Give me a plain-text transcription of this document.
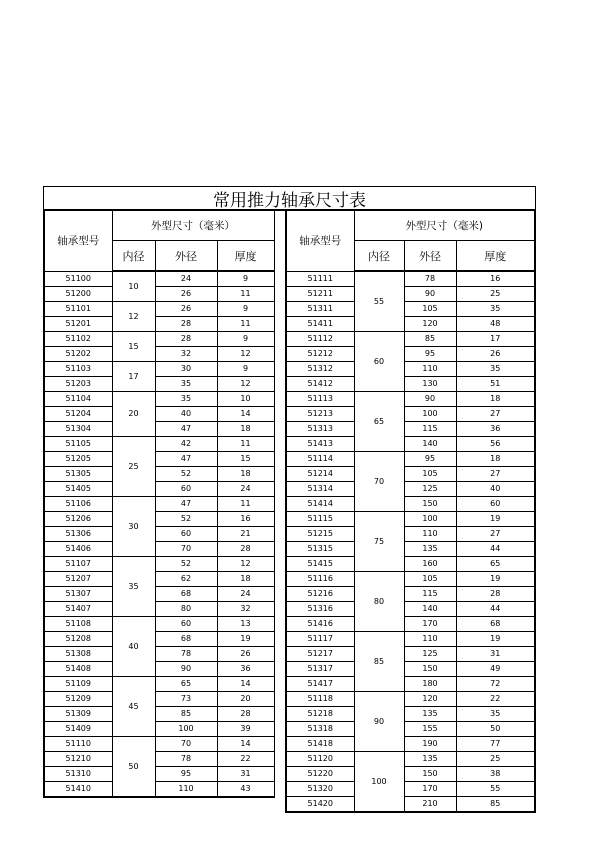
常用推力轴承尺寸表
轴承型号	外型尺寸（毫米）		
	内径	外径	厚度
51100	10	24	9
51200		26	11
51101	12	26	9
51201		28	11
51102	15	28	9
51202		32	12
51103	17	30	9
51203		35	12
51104	20	35	10
51204		40	14
51304		47	18
51105	25	42	11
51205		47	15
51305		52	18
51405		60	24
51106	30	47	11
51206		52	16
51306		60	21
51406		70	28
51107	35	52	12
51207		62	18
51307		68	24
51407		80	32
51108	40	60	13
51208		68	19
51308		78	26
51408		90	36
51109	45	65	14
51209		73	20
51309		85	28
51409		100	39
51110	50	70	14
51210		78	22
51310		95	31
51410		110	43
轴承型号	外型尺寸（毫米)		
	内径	外径	厚度
51111	55	78	16
51211		90	25
51311		105	35
51411		120	48
51112	60	85	17
51212		95	26
51312		110	35
51412		130	51
51113	65	90	18
51213		100	27
51313		115	36
51413		140	56
51114	70	95	18
51214		105	27
51314		125	40
51414		150	60
51115	75	100	19
51215		110	27
51315		135	44
51415		160	65
51116	80	105	19
51216		115	28
51316		140	44
51416		170	68
51117	85	110	19
51217		125	31
51317		150	49
51417		180	72
51118	90	120	22
51218		135	35
51318		155	50
51418		190	77
51120	100	135	25
51220		150	38
51320		170	55
51420		210	85
